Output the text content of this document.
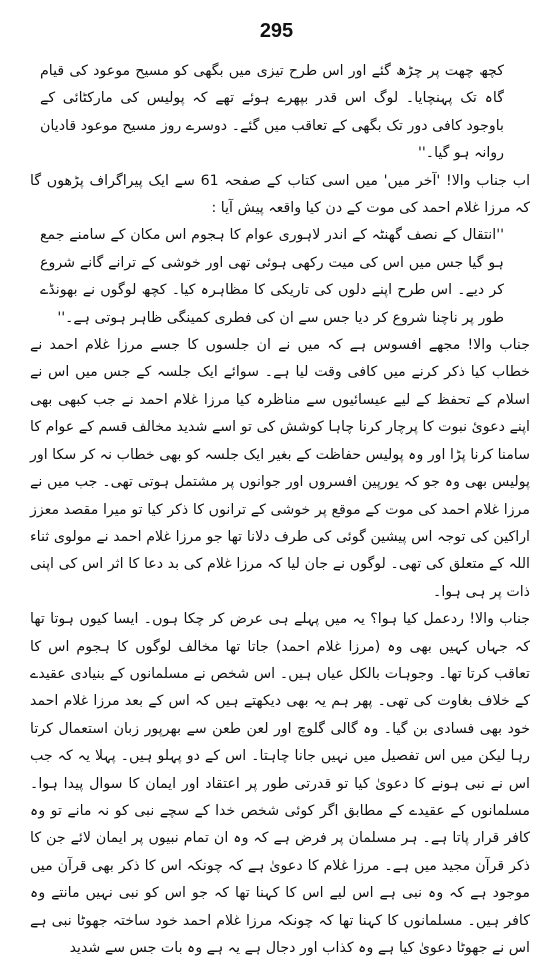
295

کچھ چھت پر چڑھ گئے اور اس طرح تیزی میں بگھی کو مسیح موعود کی قیام گاہ تک پہنچایا۔ لوگ اس قدر بپھرے ہوئے تھے کہ پولیس کی مارکٹائی کے باوجود کافی دور تک بگھی کے تعاقب میں گئے۔ دوسرے روز مسیح موعود قادیان روانہ ہو گیا۔''

اب جناب والا! 'آخر میں' میں اسی کتاب کے صفحہ 61 سے ایک پیراگراف پڑھوں گا کہ مرزا غلام احمد کی موت کے دن کیا واقعہ پیش آیا :

''انتقال کے نصف گھنٹہ کے اندر لاہوری عوام کا ہجوم اس مکان کے سامنے جمع ہو گیا جس میں اس کی میت رکھی ہوئی تھی اور خوشی کے ترانے گانے شروع کر دیے۔ اس طرح اپنے دلوں کی تاریکی کا مظاہرہ کیا۔ کچھ لوگوں نے بھونڈے طور پر ناچنا شروع کر دیا جس سے ان کی فطری کمینگی ظاہر ہوتی ہے۔''

جناب والا! مجھے افسوس ہے کہ میں نے ان جلسوں کا جسے مرزا غلام احمد نے خطاب کیا ذکر کرنے میں کافی وقت لیا ہے۔ سوائے ایک جلسہ کے جس میں اس نے اسلام کے تحفظ کے لیے عیسائیوں سے مناظرہ کیا مرزا غلام احمد نے جب کبھی بھی اپنے دعویٔ نبوت کا پرچار کرنا چاہا کوشش کی تو اسے شدید مخالف قسم کے عوام کا سامنا کرنا پڑا اور وہ پولیس حفاظت کے بغیر ایک جلسہ کو بھی خطاب نہ کر سکا اور پولیس بھی وہ جو کہ یورپین افسروں اور جوانوں پر مشتمل ہوتی تھی۔ جب میں نے مرزا غلام احمد کی موت کے موقع پر خوشی کے ترانوں کا ذکر کیا تو میرا مقصد معزز اراکین کی توجہ اس پیشین گوئی کی طرف دلانا تھا جو مرزا غلام احمد نے مولوی ثناء اللہ کے متعلق کی تھی۔ لوگوں نے جان لیا کہ مرزا غلام کی بد دعا کا اثر اس کی اپنی ذات پر ہی ہوا۔

جناب والا! ردعمل کیا ہوا؟ یہ میں پہلے ہی عرض کر چکا ہوں۔ ایسا کیوں ہوتا تھا کہ جہاں کہیں بھی وہ (مرزا غلام احمد) جاتا تھا مخالف لوگوں کا ہجوم اس کا تعاقب کرتا تھا۔ وجوہات بالکل عیاں ہیں۔ اس شخص نے مسلمانوں کے بنیادی عقیدے کے خلاف بغاوت کی تھی۔ پھر ہم یہ بھی دیکھتے ہیں کہ اس کے بعد مرزا غلام احمد خود بھی فسادی بن گیا۔ وہ گالی گلوچ اور لعن طعن سے بھرپور زبان استعمال کرتا رہا لیکن میں اس تفصیل میں نہیں جانا چاہتا۔ اس کے دو پہلو ہیں۔ پہلا یہ کہ جب اس نے نبی ہونے کا دعویٰ کیا تو قدرتی طور پر اعتقاد اور ایمان کا سوال پیدا ہوا۔ مسلمانوں کے عقیدے کے مطابق اگر کوئی شخص خدا کے سچے نبی کو نہ مانے تو وہ کافر قرار پاتا ہے۔ ہر مسلمان پر فرض ہے کہ وہ ان تمام نبیوں پر ایمان لائے جن کا ذکر قرآن مجید میں ہے۔ مرزا غلام کا دعویٰ ہے کہ چونکہ اس کا ذکر بھی قرآن میں موجود ہے کہ وہ نبی ہے اس لیے اس کا کہنا تھا کہ جو اس کو نبی نہیں مانتے وہ کافر ہیں۔ مسلمانوں کا کہنا تھا کہ چونکہ مرزا غلام احمد خود ساختہ جھوٹا نبی ہے اس نے جھوٹا دعویٰ کیا ہے وہ کذاب اور دجال ہے یہ ہے وہ بات جس سے شدید
